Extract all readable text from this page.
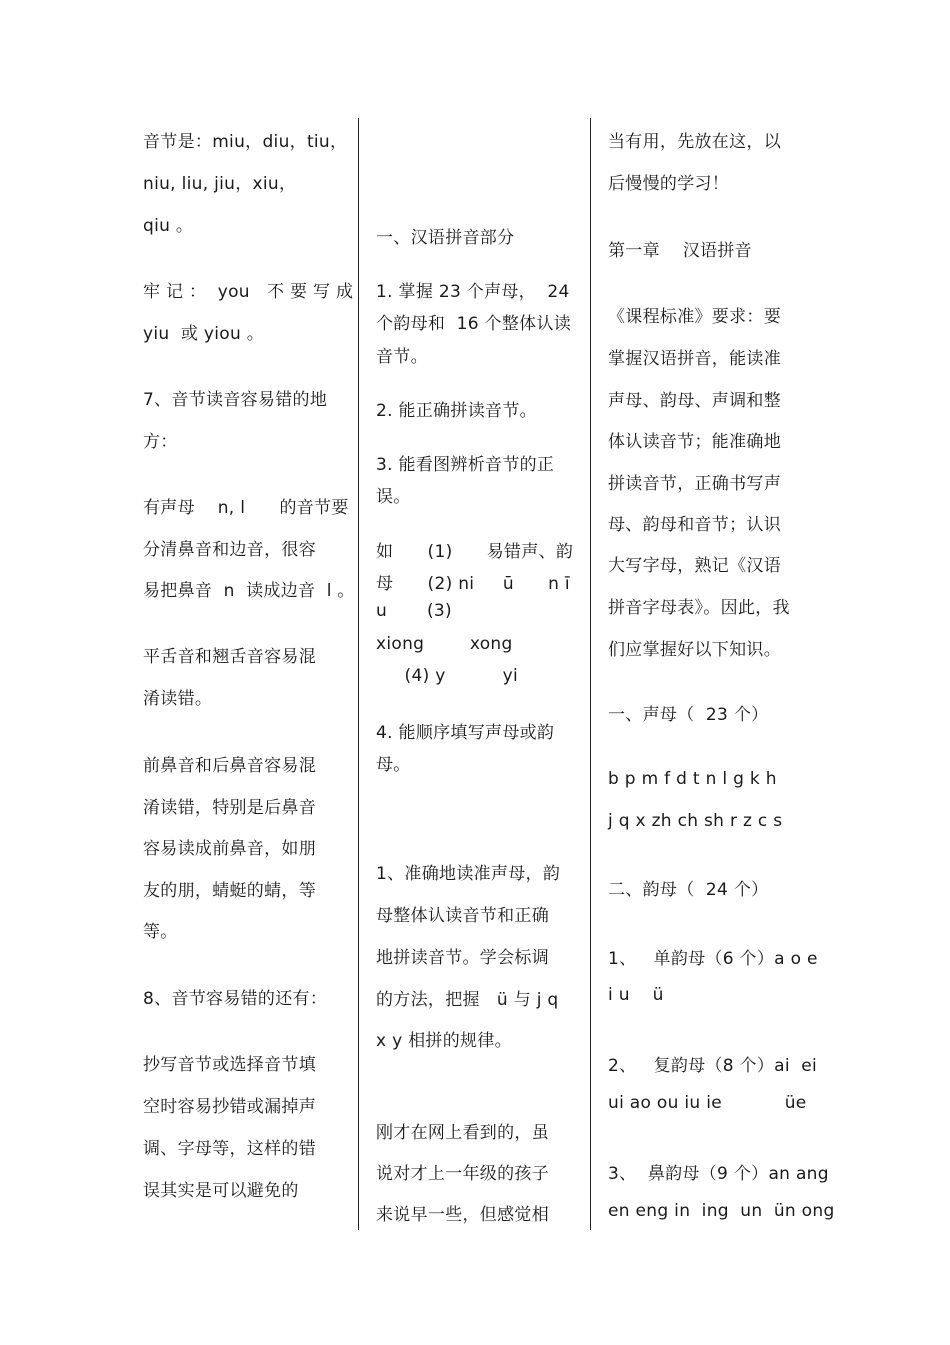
音节是：miu，diu，tiu，
niu, liu, jiu，xiu，
qiu 。
牢 记 ：  you   不 要 写 成
yiu  或 yiou 。
7、音节读音容易错的地
方：
有声母    n, l      的音节要
分清鼻音和边音，很容
易把鼻音  n  读成边音  l 。
平舌音和翘舌音容易混
淆读错。
前鼻音和后鼻音容易混
淆读错，特别是后鼻音
容易读成前鼻音，如朋
友的朋，蜻蜓的蜻，等
等。
8、音节容易错的还有：
抄写音节或选择音节填
空时容易抄错或漏掉声
调、字母等，这样的错
误其实是可以避免的
一、汉语拼音部分
1. 掌握 23 个声母，  24
个韵母和  16 个整体认读
音节。
2. 能正确拼读音节。
3. 能看图辨析音节的正
误。
如      (1)      易错声、韵
母      (2) ni     ū      n ī
u       (3)
xiong        xong
(4) y          yi
4. 能顺序填写声母或韵
母。
1、准确地读准声母，韵
母整体认读音节和正确
地拼读音节。学会标调
的方法，把握   ü 与 j q
x y 相拼的规律。
刚才在网上看到的，虽
说对才上一年级的孩子
来说早一些，但感觉相
当有用，先放在这，以
后慢慢的学习！
第一章    汉语拼音
《课程标准》要求：要
掌握汉语拼音，能读准
声母、韵母、声调和整
体认读音节；能准确地
拼读音节，正确书写声
母、韵母和音节；认识
大写字母，熟记《汉语
拼音字母表》。因此，我
们应掌握好以下知识。
一、声母（  23 个）
b p m f d t n l g k h
j q x zh ch sh r z c s
二、韵母（  24 个）
1、   单韵母（6 个）a o e
i u    ü
2、   复韵母（8 个）ai  ei
ui ao ou iu ie           üe
3、  鼻韵母（9 个）an ang
en eng in  ing  un  ün ong
